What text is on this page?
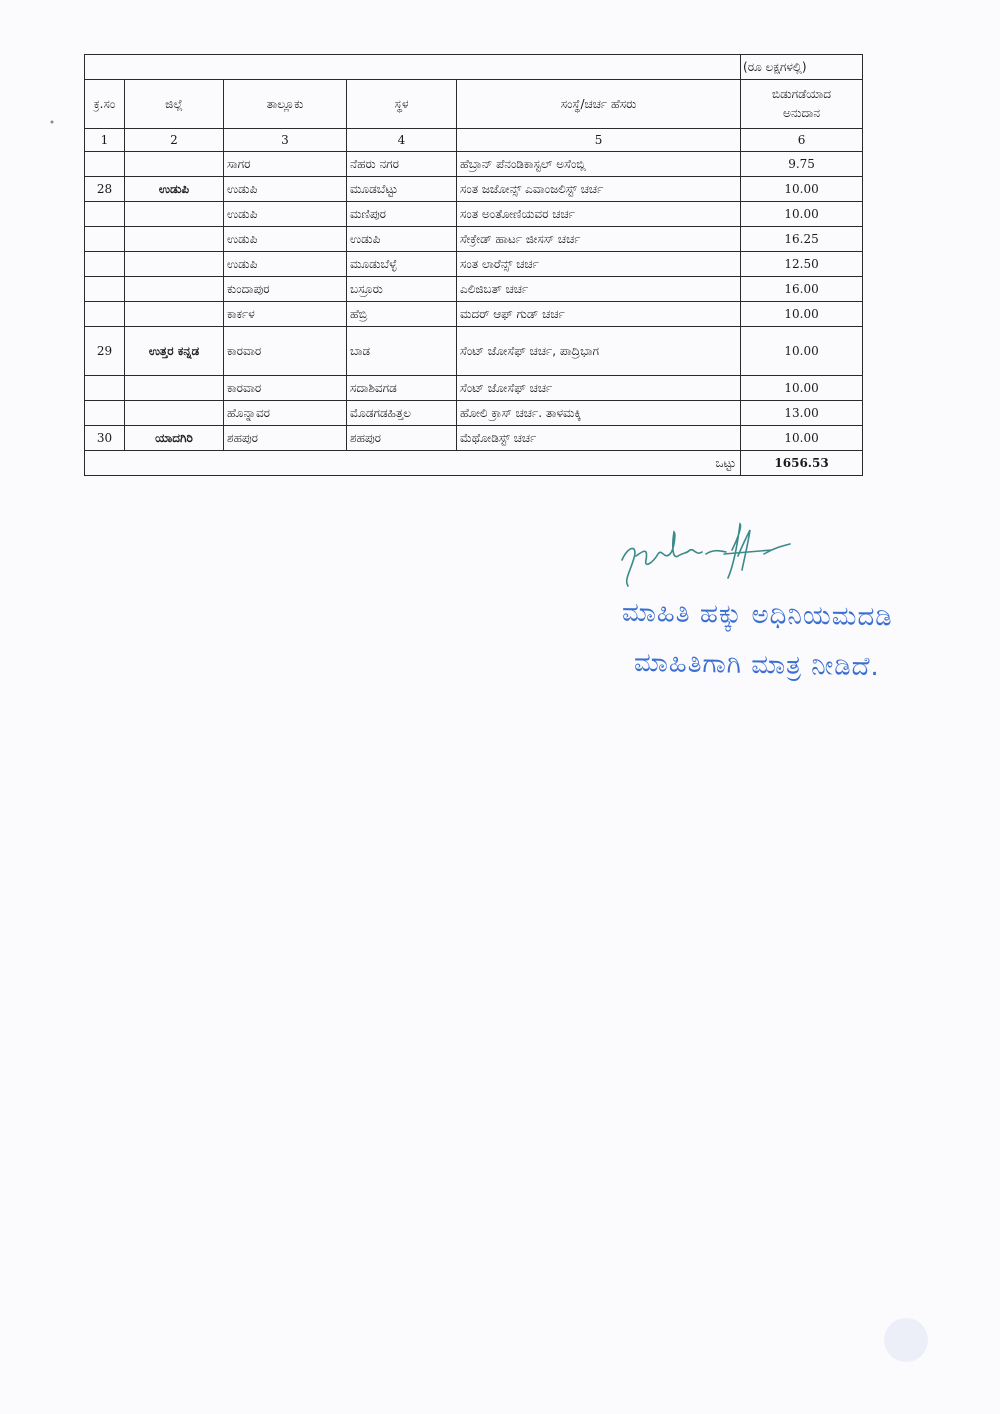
					(ರೂ ಲಕ್ಷಗಳಲ್ಲಿ)
ಕ್ರ.ಸಂ	ಜಿಲ್ಲೆ	ತಾಲ್ಲೂಕು	ಸ್ಥಳ	ಸಂಸ್ಥೆ/ಚರ್ಚ ಹೆಸರು	ಬಿಡುಗಡೆಯಾದ
ಅನುದಾನ
1	2	3	4	5	6
		ಸಾಗರ	ನೆಹರು ನಗರ	ಹೆಬ್ರಾನ್ ಪೆನಂಡಿಕಾಸ್ಟಲ್ ಅಸೆಂಬ್ಲಿ	9.75
28	ಉಡುಪಿ	ಉಡುಪಿ	ಮೂಡಬೆಟ್ಟು	ಸಂತ ಜಜೋನ್ಸ್ ಎವಾಂಜಲಿಸ್ಟ್ ಚರ್ಚ	10.00
		ಉಡುಪಿ	ಮಣಿಪುರ	ಸಂತ ಅಂತೋಣಿಯವರ ಚರ್ಚ	10.00
		ಉಡುಪಿ	ಉಡುಪಿ	ಸೇಕ್ರೇಡ್ ಹಾರ್ಟ ಜೀಸಸ್ ಚರ್ಚ	16.25
		ಉಡುಪಿ	ಮೂಡುಬೆಳ್ಳೆ	ಸಂತ ಲಾರೆನ್ಸ್ ಚರ್ಚ	12.50
		ಕುಂದಾಪುರ	ಬಸ್ರೂರು	ಎಲಿಜಿಬತ್ ಚರ್ಚ	16.00
		ಕಾರ್ಕಳ	ಹೆಬ್ರಿ	ಮದರ್ ಆಫ್ ಗುಡ್ ಚರ್ಚ	10.00
29	ಉತ್ತರ ಕನ್ನಡ	ಕಾರವಾರ	ಬಾಡ	ಸೆಂಟ್ ಜೋಸೆಫ್ ಚರ್ಚ, ಪಾದ್ರಿಭಾಗ	10.00
		ಕಾರವಾರ	ಸದಾಶಿವಗಡ	ಸೆಂಟ್ ಜೋಸೆಫ್ ಚರ್ಚ	10.00
		ಹೊನ್ನಾವರ	ಮೊಡಗಡಹಿತ್ತಲ	ಹೋಲಿ ಕ್ರಾಸ್ ಚರ್ಚ. ತಾಳಮಕ್ಕಿ	13.00
30	ಯಾದಗಿರಿ	ಶಹಪುರ	ಶಹಪುರ	ಮೆಥೋಡಿಸ್ಟ್ ಚರ್ಚ	10.00
ಒಟ್ಟು					1656.53
ಮಾಹಿತಿ ಹಕ್ಕು ಅಧಿನಿಯಮದಡಿ
ಮಾಹಿತಿಗಾಗಿ ಮಾತ್ರ ನೀಡಿದೆ.
